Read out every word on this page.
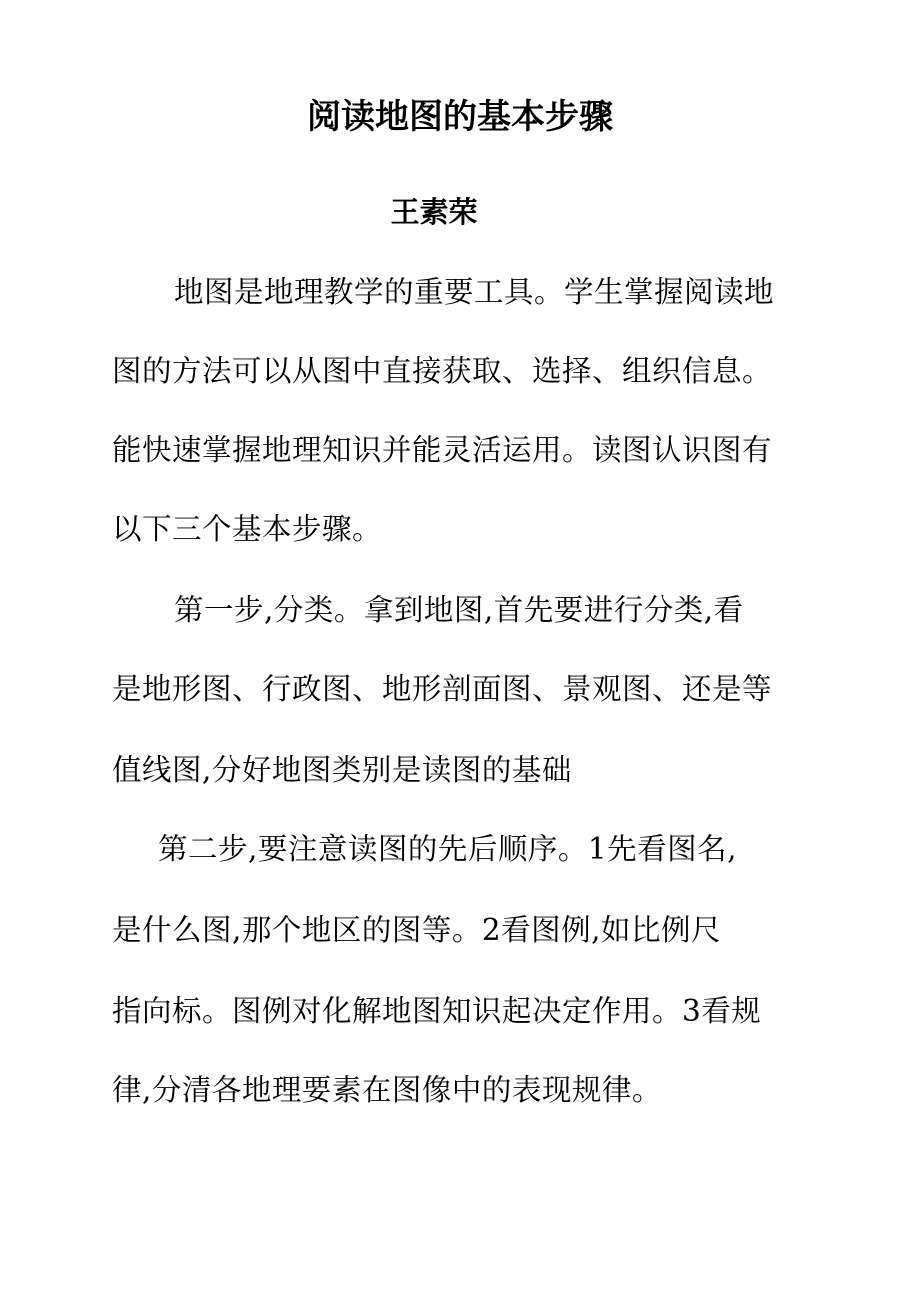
阅读地图的基本步骤
王素荣
地图是地理教学的重要工具。学生掌握阅读地
图的方法可以从图中直接获取、选择、组织信息。
能快速掌握地理知识并能灵活运用。读图认识图有
以下三个基本步骤。
第一步,分类。拿到地图,首先要进行分类,看
是地形图、行政图、地形剖面图、景观图、还是等
值线图,分好地图类别是读图的基础
第二步,要注意读图的先后顺序。1先看图名,
是什么图,那个地区的图等。2看图例,如比例尺
指向标。图例对化解地图知识起决定作用。3看规
律,分清各地理要素在图像中的表现规律。
